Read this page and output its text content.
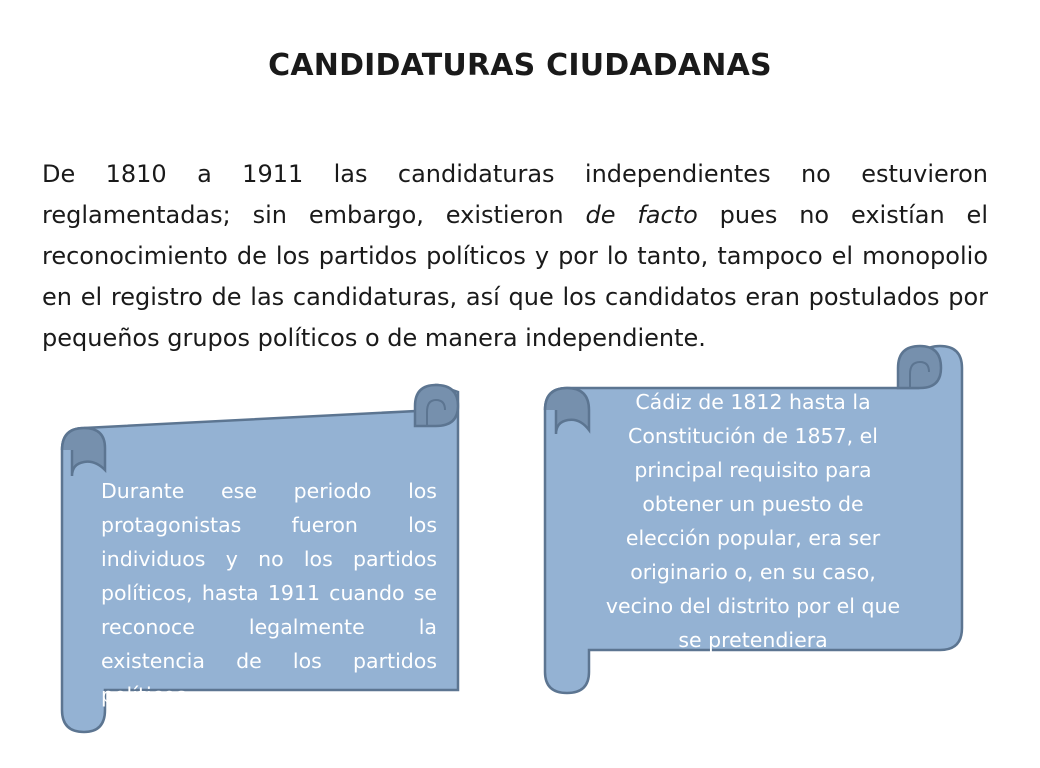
CANDIDATURAS CIUDADANAS
De 1810 a 1911 las candidaturas independientes no estuvieron reglamentadas; sin embargo, existieron de facto pues no existían el reconocimiento de los partidos políticos y por lo tanto, tampoco el monopolio en el registro de las candidaturas, así que los candidatos eran postulados por pequeños grupos políticos o de manera independiente.
Durante ese periodo los protagonistas fueron los individuos y no los partidos políticos, hasta 1911 cuando se reconoce legalmente la existencia de los partidos políticos.
Cádiz de 1812 hasta la Constitución de 1857, el principal requisito para obtener un puesto de elección popular, era ser originario o, en su caso, vecino del distrito por el que se pretendiera
